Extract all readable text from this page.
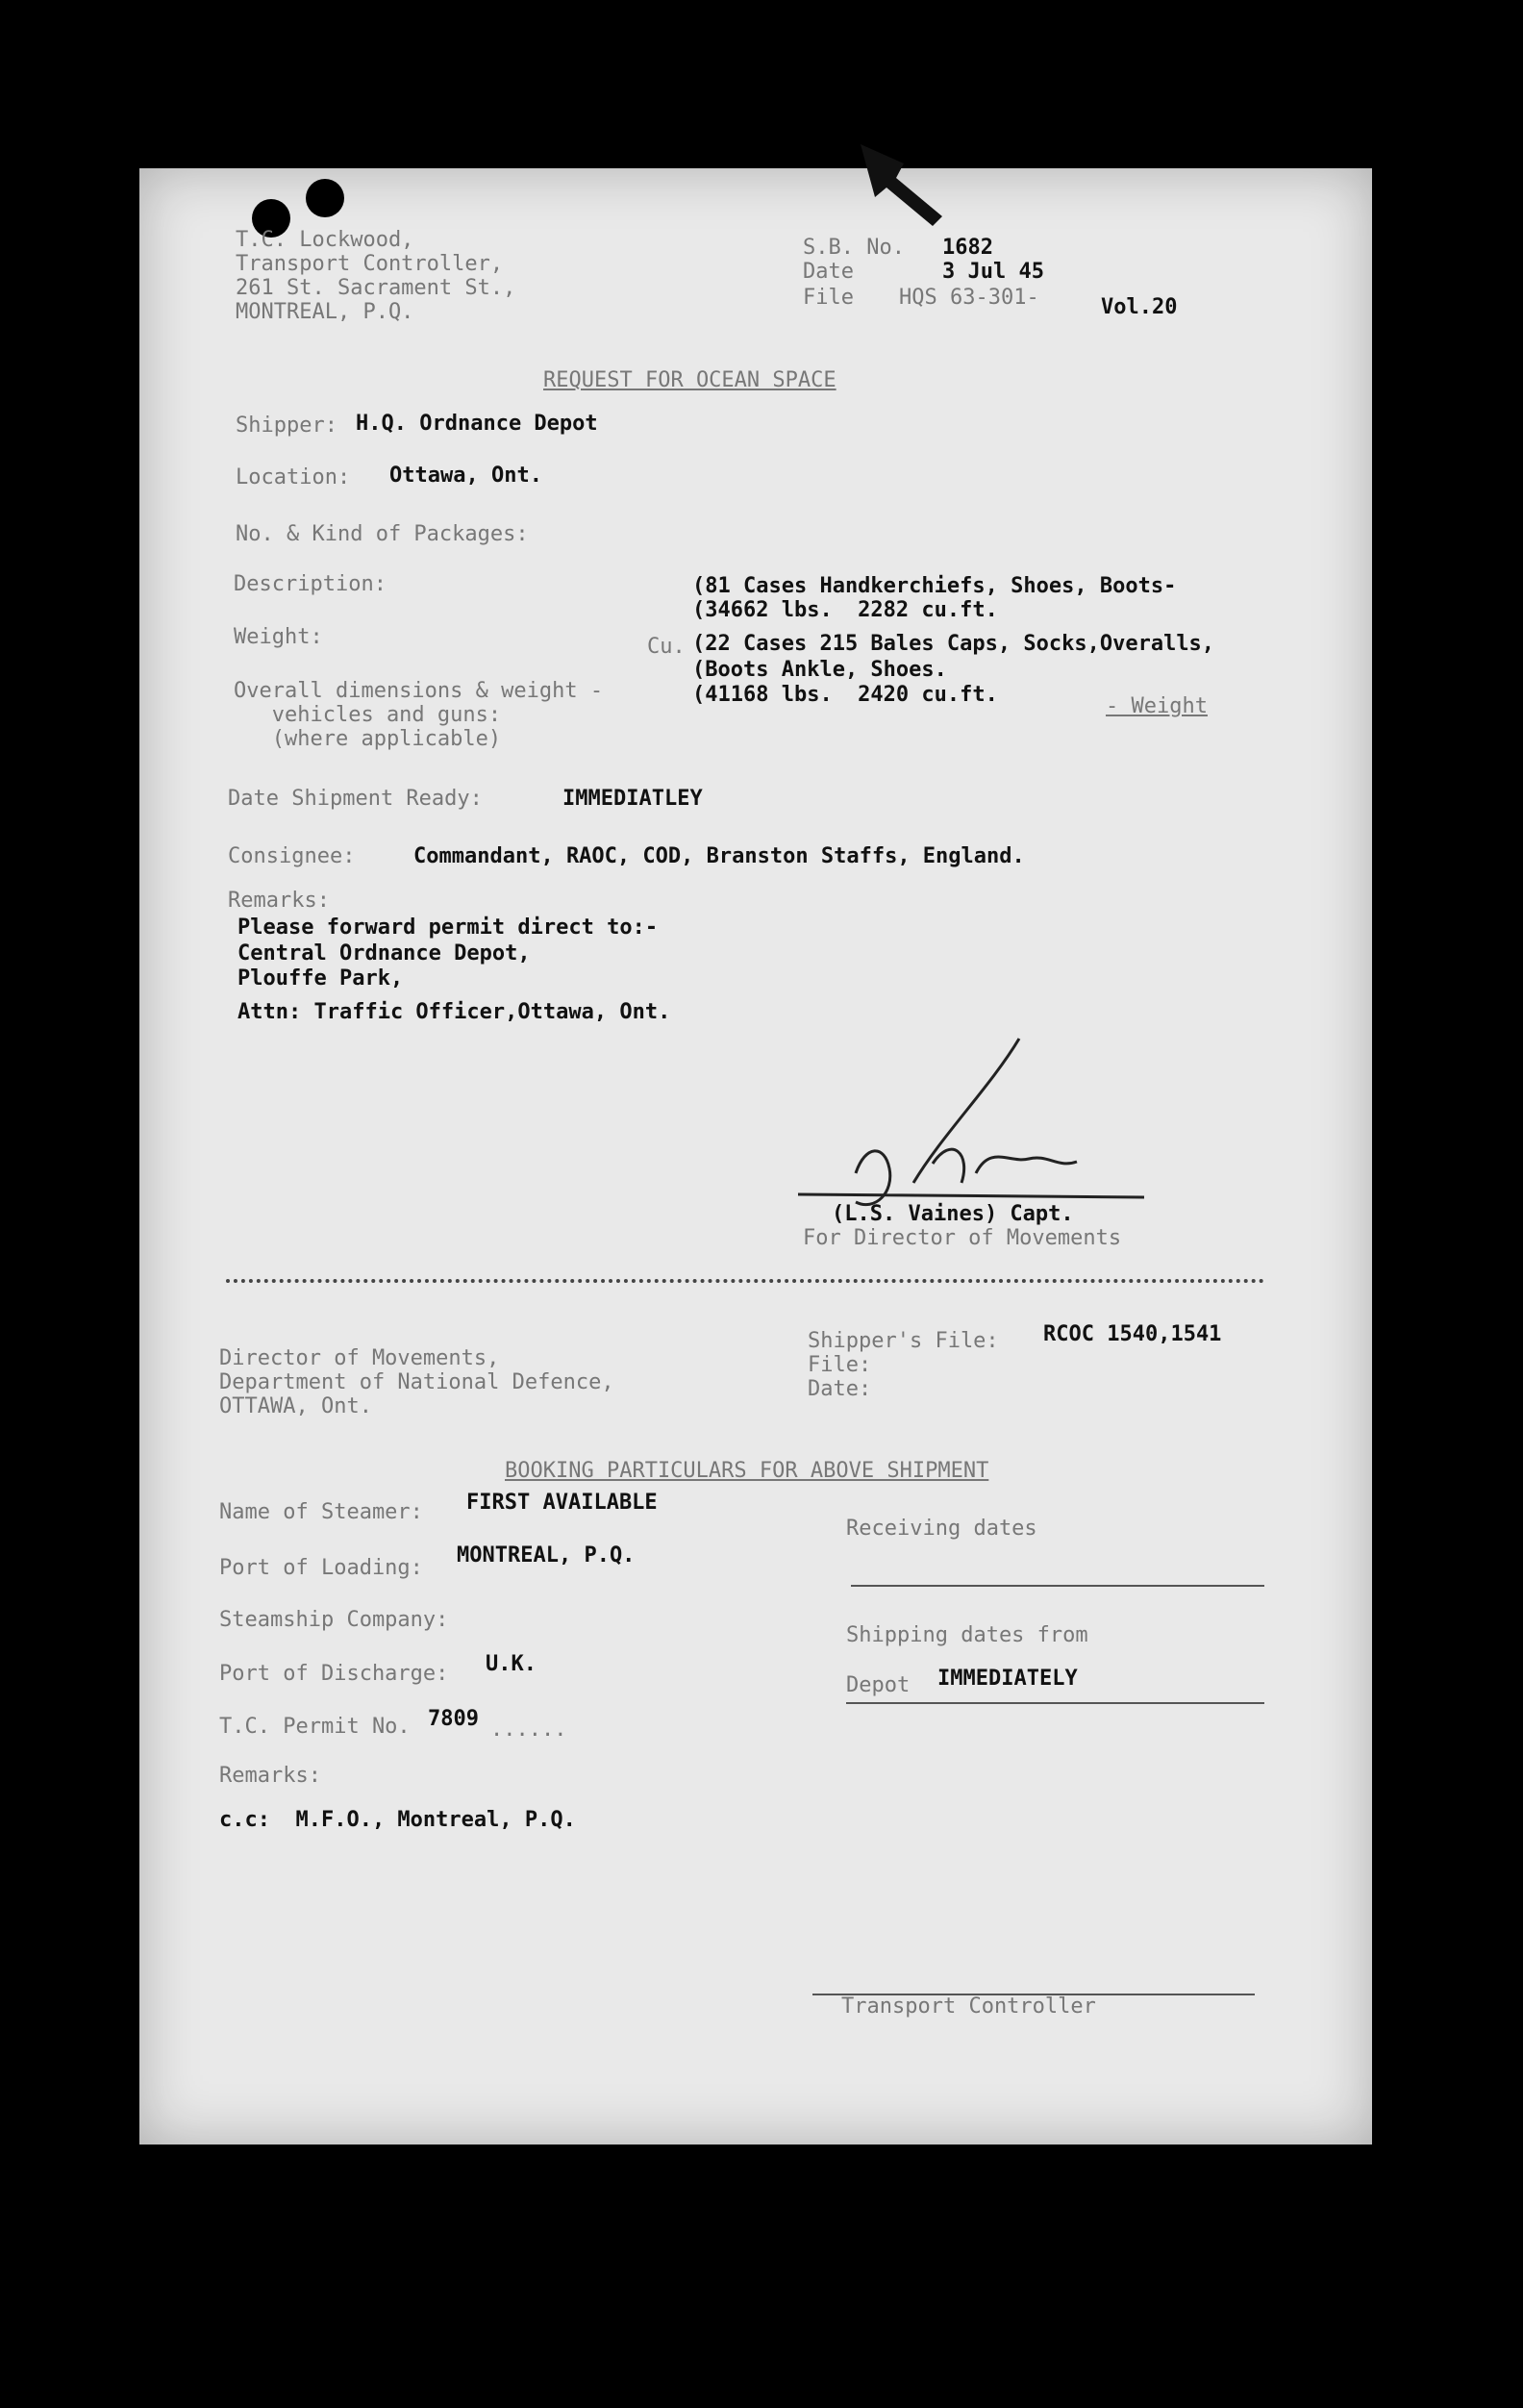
T.C. Lockwood,
Transport Controller,
261 St. Sacrament St.,
MONTREAL, P.Q.
S.B. No. 1682
Date	3 Jul 45
File HQS 63-301-	Vol.20
REQUEST FOR OCEAN SPACE
Shipper: H.Q. Ordnance Depot
Location: Ottawa, Ont.
No. & Kind of Packages:
Description:	(81 Cases Handkerchiefs, Shoes, Boots-
(34662 lbs.  2282 cu.ft.
(22 Cases 215 Bales Caps, Socks,Overalls,
(Boots Ankle, Shoes.
(41168 lbs.  2420 cu.ft.
Weight:	Cu.
Overall dimensions & weight -
vehicles and guns:
(where applicable)
- Weight
Date Shipment Ready:	IMMEDIATLEY
Consignee:	Commandant, RAOC, COD, Branston Staffs, England.
Remarks:
Please forward permit direct to:-
Central Ordnance Depot,
Plouffe Park,
Attn: Traffic Officer,Ottawa, Ont.
(L.S. Vaines) Capt.
For Director of Movements
Shipper's File: RCOC 1540,1541
File:
Date:
Director of Movements,
Department of National Defence,
OTTAWA, Ont.
BOOKING PARTICULARS FOR ABOVE SHIPMENT
Name of Steamer: FIRST AVAILABLE
Port of Loading:
MONTREAL, P.Q.
Steamship Company:
Port of Discharge: U.K.
T.C. Permit No. 7809 ......
Remarks:
c.c:  M.F.O., Montreal, P.Q.
Receiving dates
Shipping dates from
Depot IMMEDIATELY
Transport Controller
